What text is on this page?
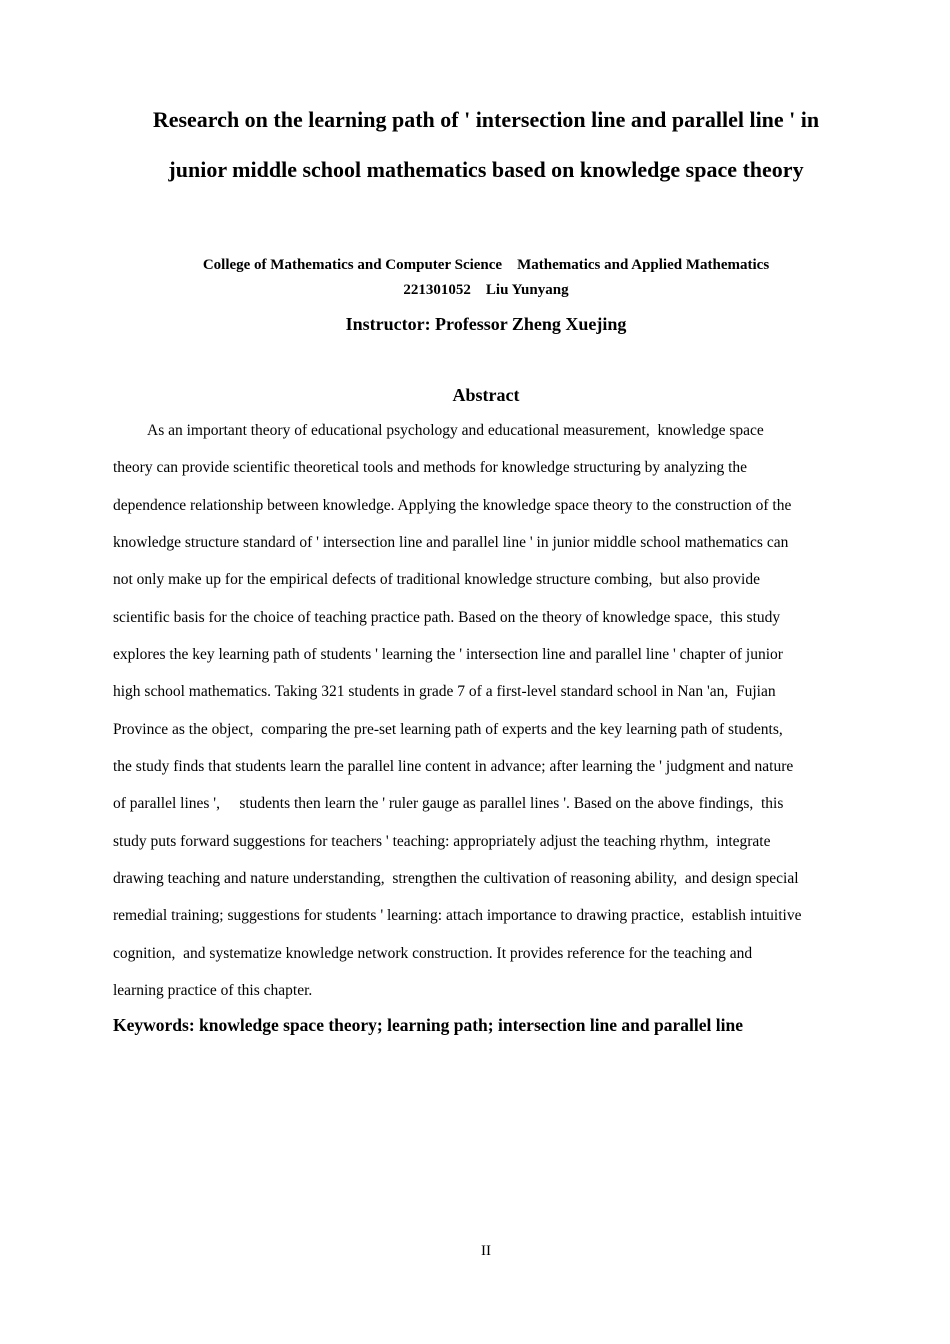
Research on the learning path of ' intersection line and parallel line ' in
junior middle school mathematics based on knowledge space theory
College of Mathematics and Computer Science    Mathematics and Applied Mathematics
221301052    Liu Yunyang
Instructor: Professor Zheng Xuejing
Abstract
As an important theory of educational psychology and educational measurement,  knowledge space
theory can provide scientific theoretical tools and methods for knowledge structuring by analyzing the
dependence relationship between knowledge. Applying the knowledge space theory to the construction of the
knowledge structure standard of ' intersection line and parallel line ' in junior middle school mathematics can
not only make up for the empirical defects of traditional knowledge structure combing,  but also provide
scientific basis for the choice of teaching practice path. Based on the theory of knowledge space,  this study
explores the key learning path of students ' learning the ' intersection line and parallel line ' chapter of junior
high school mathematics. Taking 321 students in grade 7 of a first-level standard school in Nan 'an,  Fujian
Province as the object,  comparing the pre-set learning path of experts and the key learning path of students,
the study finds that students learn the parallel line content in advance; after learning the ' judgment and nature
of parallel lines ',     students then learn the ' ruler gauge as parallel lines '. Based on the above findings,  this
study puts forward suggestions for teachers ' teaching: appropriately adjust the teaching rhythm,  integrate
drawing teaching and nature understanding,  strengthen the cultivation of reasoning ability,  and design special
remedial training; suggestions for students ' learning: attach importance to drawing practice,  establish intuitive
cognition,  and systematize knowledge network construction. It provides reference for the teaching and
learning practice of this chapter.
Keywords: knowledge space theory; learning path; intersection line and parallel line
II
